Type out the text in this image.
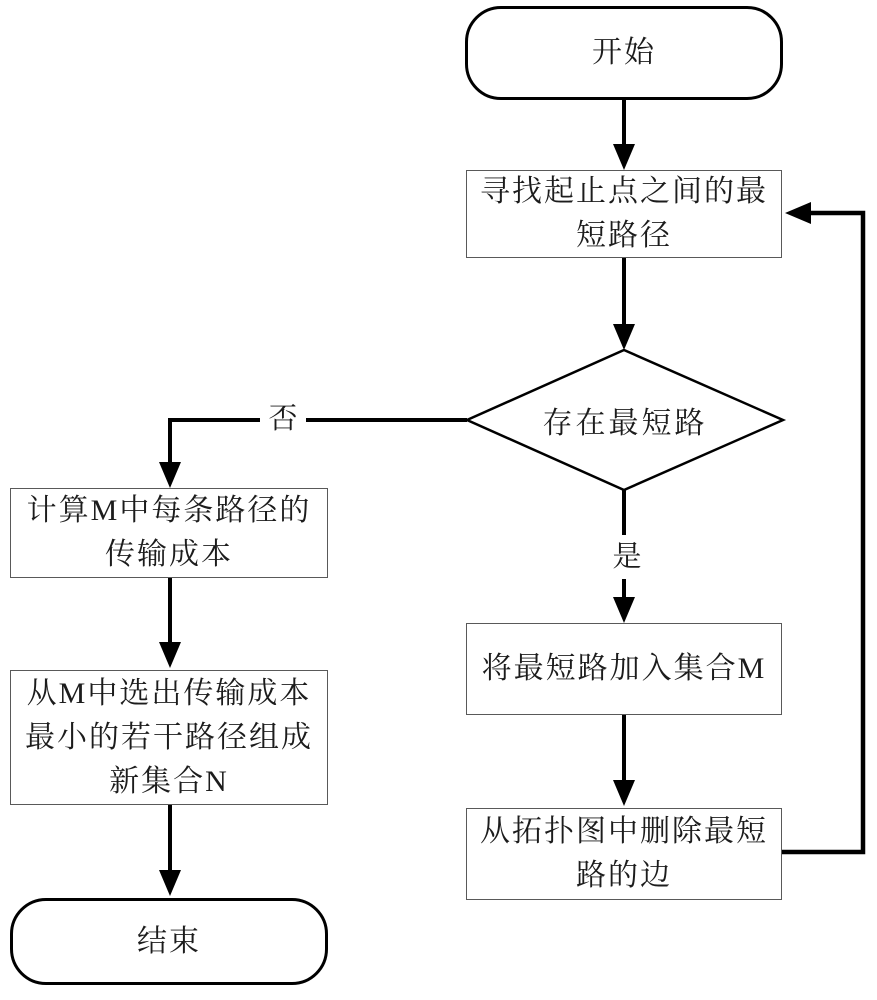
开始
寻找起止点之间的最
短路径
存在最短路
否
是
计算M中每条路径的
传输成本
从M中选出传输成本
最小的若干路径组成
新集合N
结束
将最短路加入集合M
从拓扑图中删除最短
路的边
